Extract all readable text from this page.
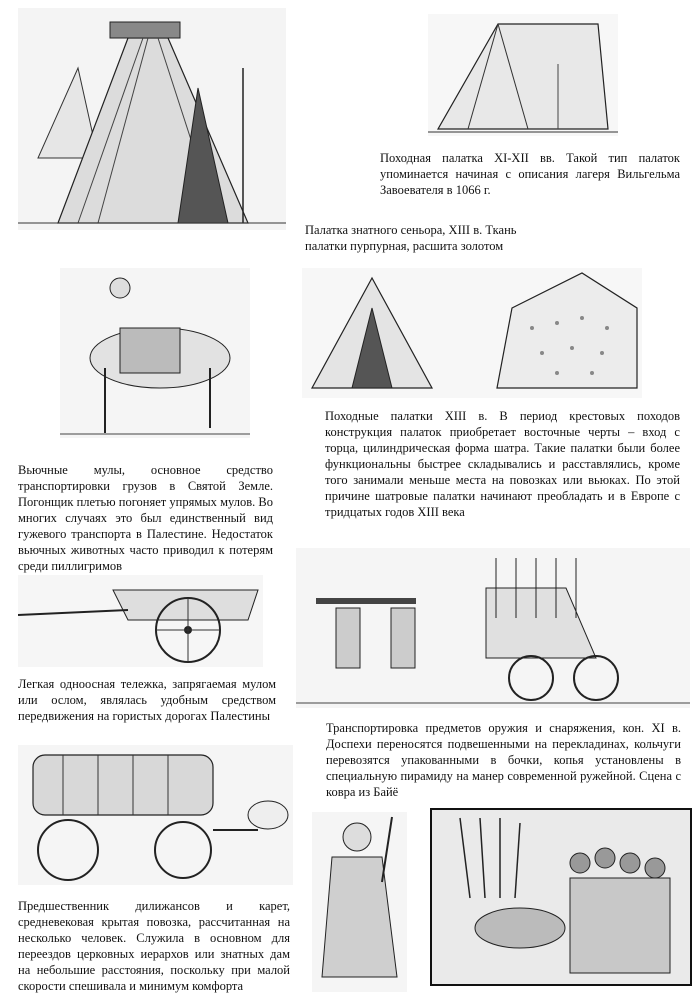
Походная палатка XI-XII вв. Такой тип палаток упоминается начиная с описания лагеря Вильгельма Завоевателя в 1066 г.

Палатка знатного сеньора, XIII в. Ткань палатки пурпурная, расшита золотом

Вьючные мулы, основное средство транспортировки грузов в Святой Земле. Погонщик плетью погоняет упрямых мулов. Во многих случаях это был единственный вид гужевого транспорта в Палестине. Недостаток вьючных животных часто приводил к потерям среди пиллигримов

Походные палатки XIII в. В период крестовых походов конструкция палаток приобретает восточные черты – вход с торца, цилиндрическая форма шатра. Такие палатки были более функциональны быстрее складывались и расставлялись, кроме того занимали меньше места на повозках или вьюках. По этой причине шатровые палатки начинают преобладать и в Европе с тридцатых годов XIII века

Легкая одноосная тележка, запрягаемая мулом или ослом, являлась удобным средством передвижения на гористых дорогах Палестины

Транспортировка предметов оружия и снаряжения, кон. XI в. Доспехи переносятся подвешенными на перекладинах, кольчуги перевозятся упакованными в бочки, копья установлены в специальную пирамиду на манер современной ружейной. Сцена с ковра из Байё

Предшественник дилижансов и карет, средневековая крытая повозка, рассчитанная на несколько человек. Служила в основном для переездов церковных иерархов или знатных дам на небольшие расстояния, поскольку при малой скорости спешивала и минимум комфорта
